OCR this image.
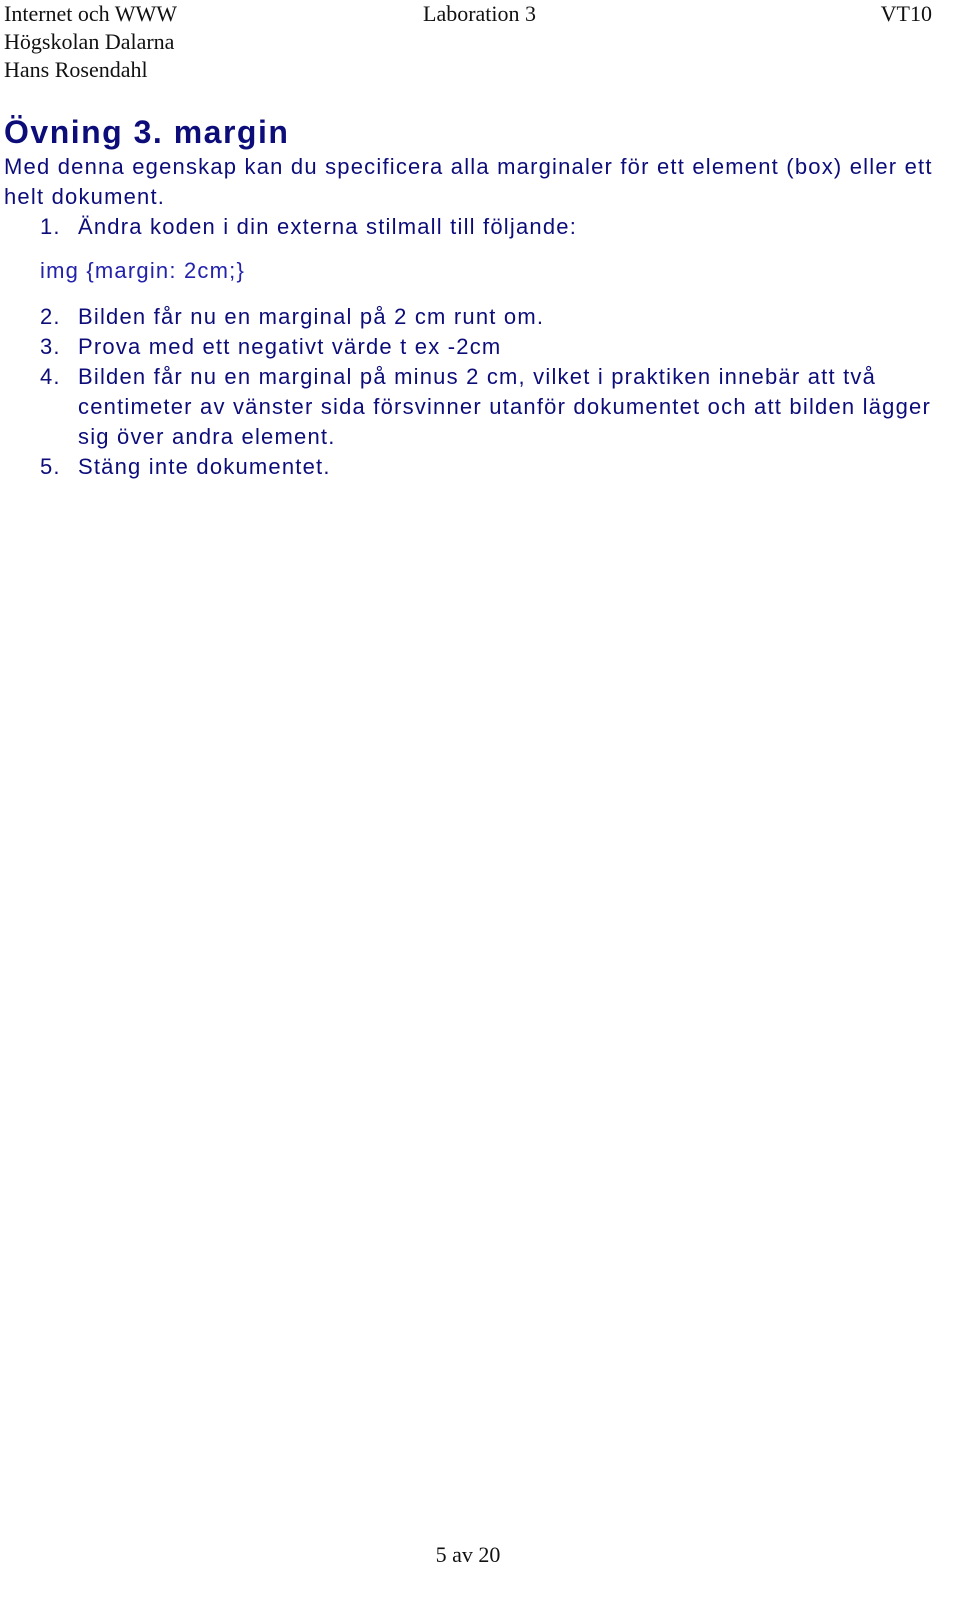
Internet och WWW	Laboration 3	VT10
Högskolan Dalarna
Hans Rosendahl
Övning 3. margin

Med denna egenskap kan du specificera alla marginaler för ett element (box) eller ett helt dokument.

1. Ändra koden i din externa stilmall till följande:
img {margin: 2cm;}
2. Bilden får nu en marginal på 2 cm runt om.
3. Prova med ett negativt värde t ex -2cm
4. Bilden får nu en marginal på minus 2 cm, vilket i praktiken innebär att två centimeter av vänster sida försvinner utanför dokumentet och att bilden lägger sig över andra element.
5. Stäng inte dokumentet.
5 av 20
